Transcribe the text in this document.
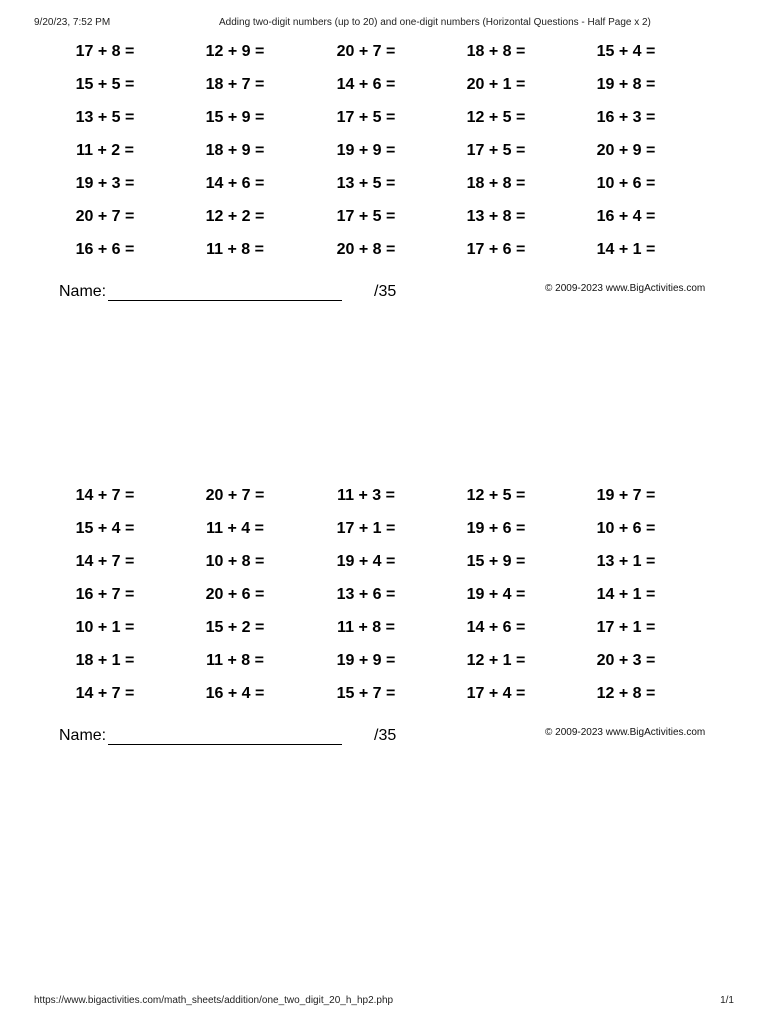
9/20/23, 7:52 PM	Adding two-digit numbers (up to 20) and one-digit numbers (Horizontal Questions - Half Page x 2)
17 + 8 =	12 + 9 =	20 + 7 =	18 + 8 =	15 + 4 =
15 + 5 =	18 + 7 =	14 + 6 =	20 + 1 =	19 + 8 =
13 + 5 =	15 + 9 =	17 + 5 =	12 + 5 =	16 + 3 =
11 + 2 =	18 + 9 =	19 + 9 =	17 + 5 =	20 + 9 =
19 + 3 =	14 + 6 =	13 + 5 =	18 + 8 =	10 + 6 =
20 + 7 =	12 + 2 =	17 + 5 =	13 + 8 =	16 + 4 =
16 + 6 =	11 + 8 =	20 + 8 =	17 + 6 =	14 + 1 =
Name:	/35	© 2009-2023 www.BigActivities.com
14 + 7 =	20 + 7 =	11 + 3 =	12 + 5 =	19 + 7 =
15 + 4 =	11 + 4 =	17 + 1 =	19 + 6 =	10 + 6 =
14 + 7 =	10 + 8 =	19 + 4 =	15 + 9 =	13 + 1 =
16 + 7 =	20 + 6 =	13 + 6 =	19 + 4 =	14 + 1 =
10 + 1 =	15 + 2 =	11 + 8 =	14 + 6 =	17 + 1 =
18 + 1 =	11 + 8 =	19 + 9 =	12 + 1 =	20 + 3 =
14 + 7 =	16 + 4 =	15 + 7 =	17 + 4 =	12 + 8 =
Name:	/35	© 2009-2023 www.BigActivities.com
https://www.bigactivities.com/math_sheets/addition/one_two_digit_20_h_hp2.php	1/1
